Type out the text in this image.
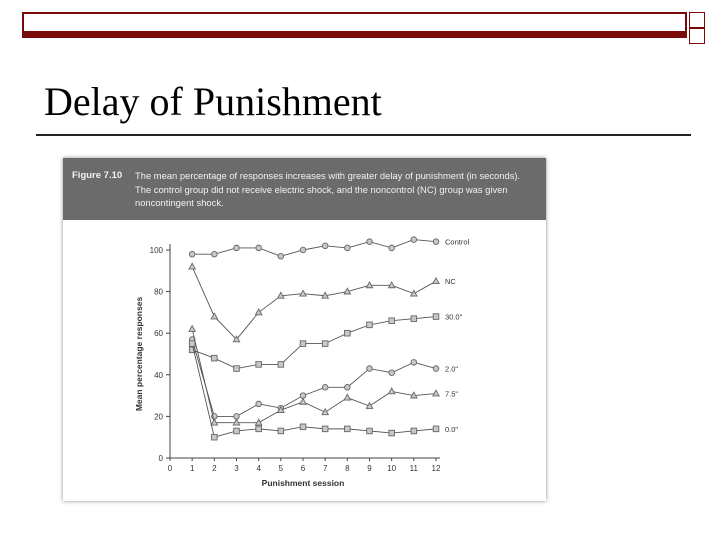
Delay of Punishment
Figure 7.10 The mean percentage of responses increases with greater delay of punishment (in seconds). The control group did not receive electric shock, and the noncontrol (NC) group was given noncontingent shock.
0
20
40
60
80
100
0 1 2 3 4 5 6 7 8 9 10 11 12
Punishment session
Mean percentage responses
Control
NC
30.0"
2.0"
7.5"
0.0"
